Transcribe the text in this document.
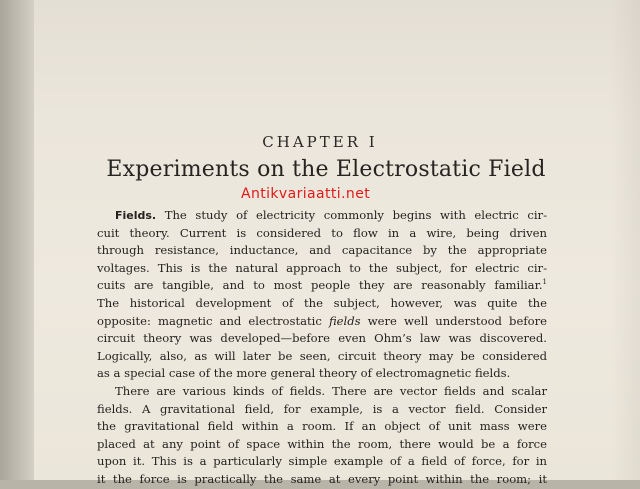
CHAPTER I
Experiments on the Electrostatic Field
Antikvariaatti.net
Fields. The study of electricity commonly begins with electric cir-
cuit theory. Current is considered to flow in a wire, being driven
through resistance, inductance, and capacitance by the appropriate
voltages. This is the natural approach to the subject, for electric cir-
cuits are tangible, and to most people they are reasonably familiar.$^1$
The historical development of the subject, however, was quite the
opposite: magnetic and electrostatic fields were well understood before
circuit theory was developed—before even Ohm’s law was discovered.
Logically, also, as will later be seen, circuit theory may be considered
as a special case of the more general theory of electromagnetic fields.
There are various kinds of fields. There are vector fields and scalar
fields. A gravitational field, for example, is a vector field. Consider
the gravitational field within a room. If an object of unit mass were
placed at any point of space within the room, there would be a force
upon it. This is a particularly simple example of a field of force, for in
it the force is practically the same at every point within the room; it
